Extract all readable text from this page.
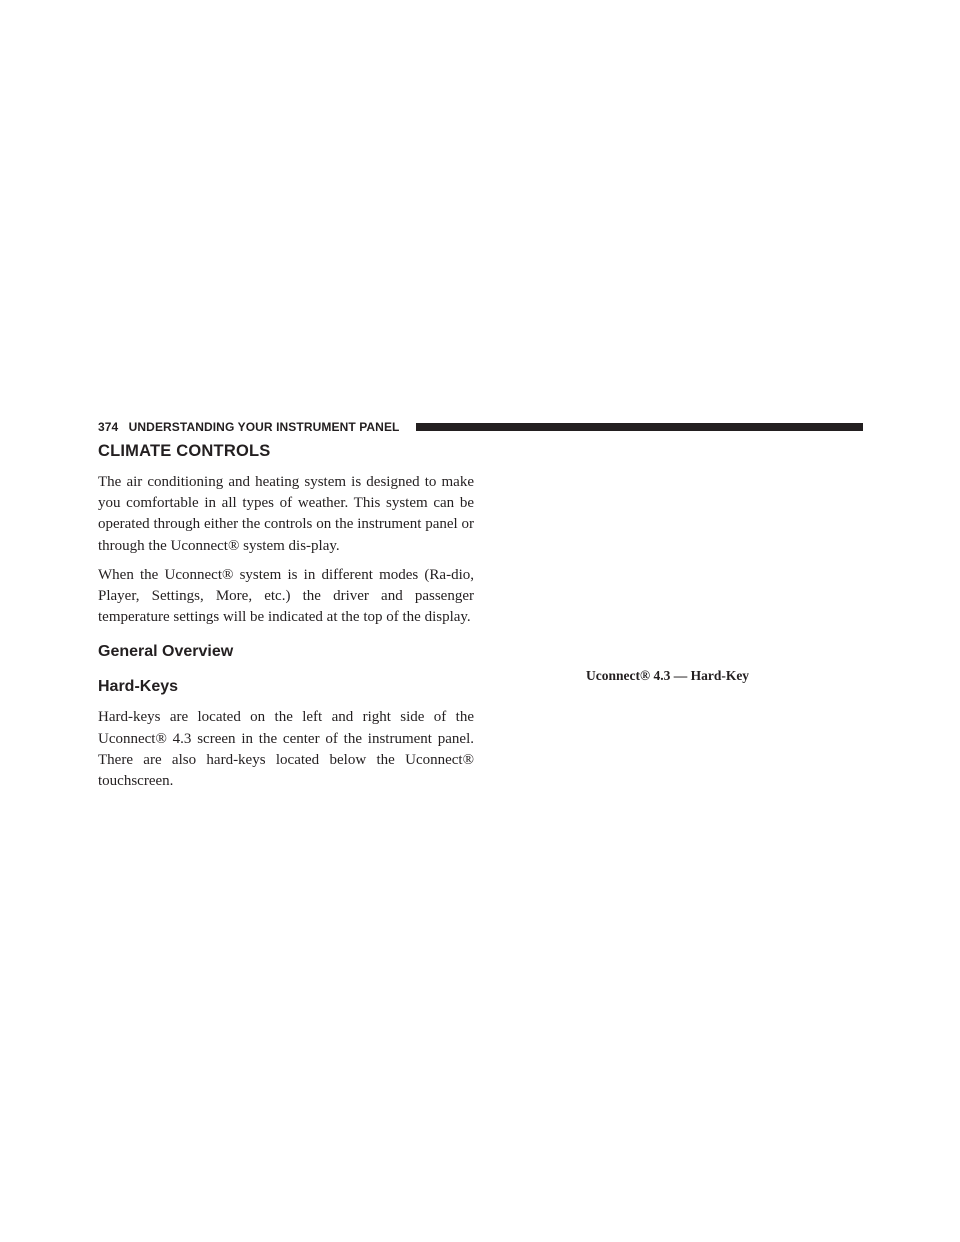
374 UNDERSTANDING YOUR INSTRUMENT PANEL
CLIMATE CONTROLS

The air conditioning and heating system is designed to make you comfortable in all types of weather. This system can be operated through either the controls on the instrument panel or through the Uconnect® system dis-play.

When the Uconnect® system is in different modes (Ra-dio, Player, Settings, More, etc.) the driver and passenger temperature settings will be indicated at the top of the display.

General Overview
Hard-Keys

Hard-keys are located on the left and right side of the Uconnect® 4.3 screen in the center of the instrument panel. There are also hard-keys located below the Uconnect® touchscreen.

Uconnect® 4.3 — Hard-Key
